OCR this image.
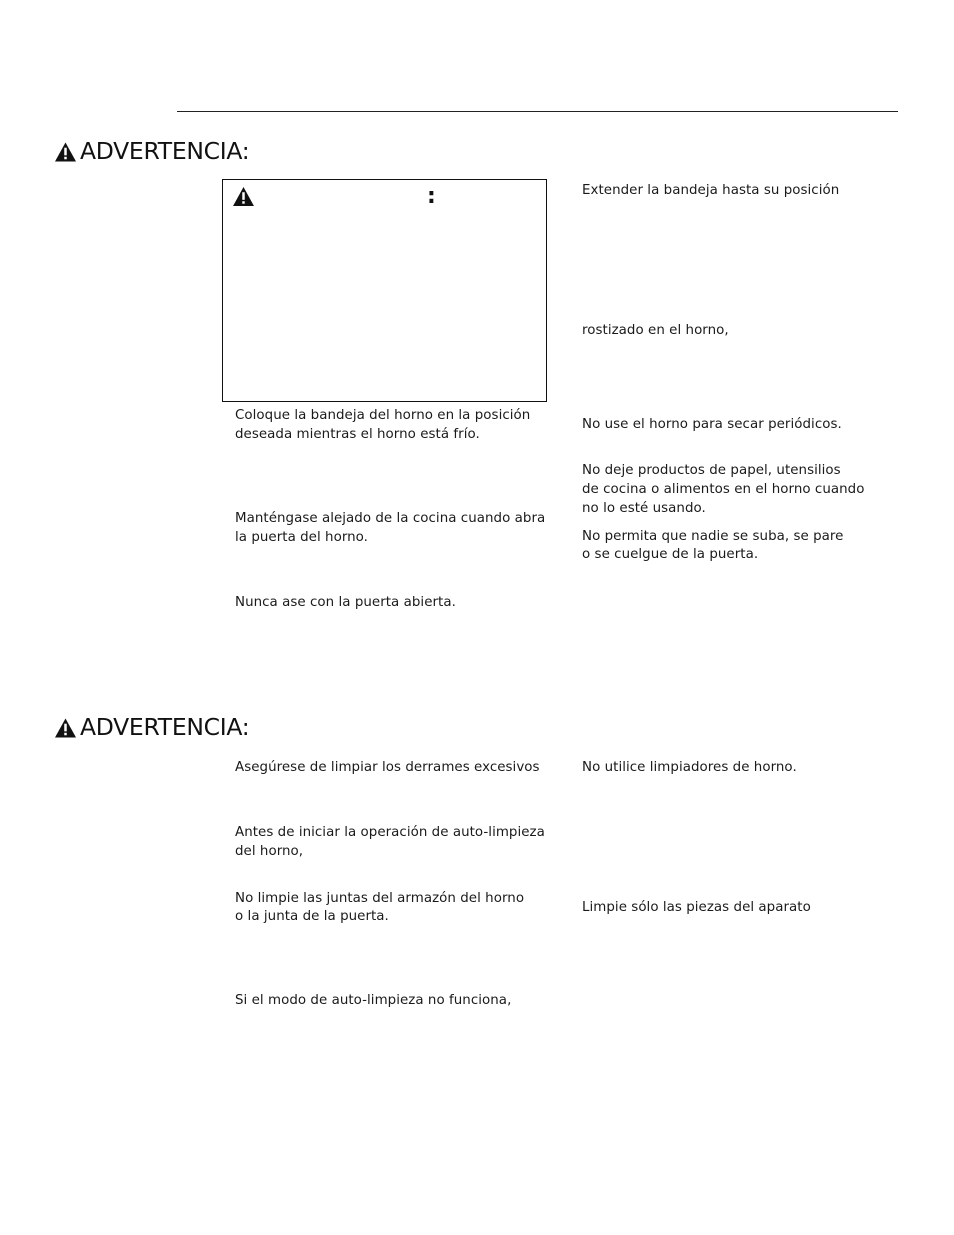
ADVERTENCIA:
:
Coloque la bandeja del horno en la posición
deseada mientras el horno está frío.
Manténgase alejado de la cocina cuando abra
la puerta del horno.
Nunca ase con la puerta abierta.
Extender la bandeja hasta su posición
rostizado en el horno,
No use el horno para secar periódicos.
No deje productos de papel, utensilios
de cocina o alimentos en el horno cuando
no lo esté usando.
No permita que nadie se suba, se pare
o se cuelgue de la puerta.
ADVERTENCIA:
Asegúrese de limpiar los derrames excesivos
Antes de iniciar la operación de auto-limpieza
del horno,
No limpie las juntas del armazón del horno
o la junta de la puerta.
Si el modo de auto-limpieza no funciona,
No utilice limpiadores de horno.
Limpie sólo las piezas del aparato
